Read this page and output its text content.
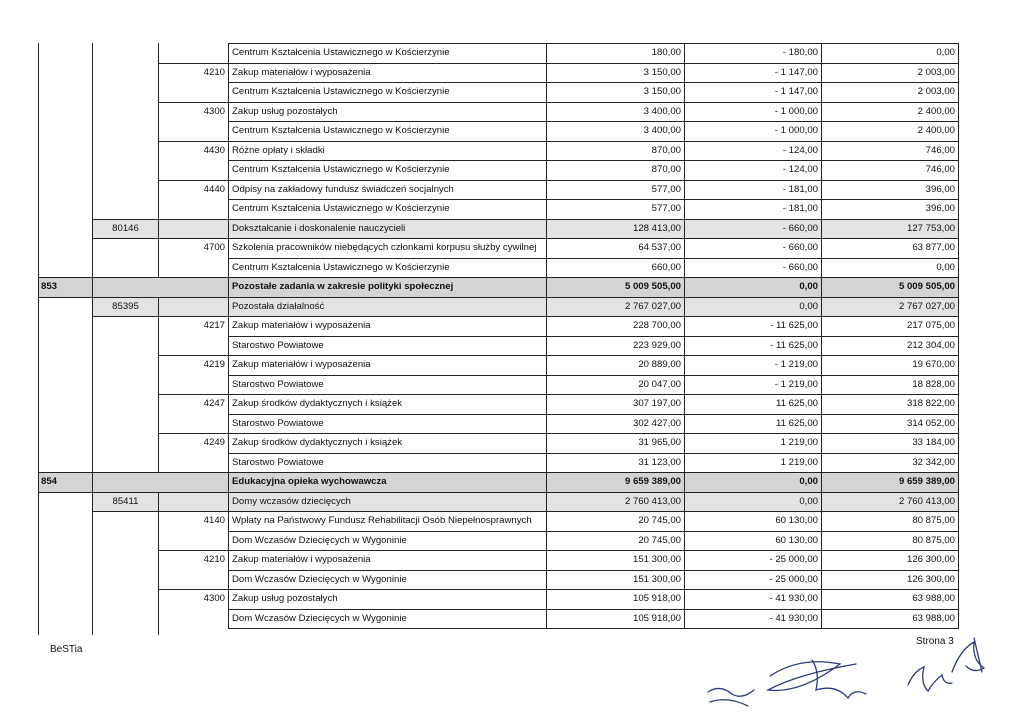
			Centrum Kształcenia Ustawicznego w Kościerzynie	180,00	- 180,00	0,00
		4210	Zakup materiałów i wyposażenia	3 150,00	- 1 147,00	2 003,00
			Centrum Kształcenia Ustawicznego w Kościerzynie	3 150,00	- 1 147,00	2 003,00
		4300	Zakup usług pozostałych	3 400,00	- 1 000,00	2 400,00
			Centrum Kształcenia Ustawicznego w Kościerzynie	3 400,00	- 1 000,00	2 400,00
		4430	Różne opłaty i składki	870,00	- 124,00	746,00
			Centrum Kształcenia Ustawicznego w Kościerzynie	870,00	- 124,00	746,00
		4440	Odpisy na zakładowy fundusz świadczeń socjalnych	577,00	- 181,00	396,00
			Centrum Kształcenia Ustawicznego w Kościerzynie	577,00	- 181,00	396,00
	80146		Dokształcanie i doskonalenie nauczycieli	128 413,00	- 660,00	127 753,00
		4700	Szkolenia pracowników niebędących członkami korpusu służby cywilnej	64 537,00	- 660,00	63 877,00
			Centrum Kształcenia Ustawicznego w Kościerzynie	660,00	- 660,00	0,00
853			Pozostałe zadania w zakresie polityki społecznej	5 009 505,00	0,00	5 009 505,00
	85395		Pozostała działalność	2 767 027,00	0,00	2 767 027,00
		4217	Zakup materiałów i wyposażenia	228 700,00	- 11 625,00	217 075,00
			Starostwo Powiatowe	223 929,00	- 11 625,00	212 304,00
		4219	Zakup materiałów i wyposażenia	20 889,00	- 1 219,00	19 670,00
			Starostwo Powiatowe	20 047,00	- 1 219,00	18 828,00
		4247	Zakup środków dydaktycznych i książek	307 197,00	11 625,00	318 822,00
			Starostwo Powiatowe	302 427,00	11 625,00	314 052,00
		4249	Zakup środków dydaktycznych i książek	31 965,00	1 219,00	33 184,00
			Starostwo Powiatowe	31 123,00	1 219,00	32 342,00
854			Edukacyjna opieka wychowawcza	9 659 389,00	0,00	9 659 389,00
	85411		Domy wczasów dziecięcych	2 760 413,00	0,00	2 760 413,00
		4140	Wpłaty na Państwowy Fundusz Rehabilitacji Osób Niepełnosprawnych	20 745,00	60 130,00	80 875,00
			Dom Wczasów Dziecięcych w Wygoninie	20 745,00	60 130,00	80 875,00
		4210	Zakup materiałów i wyposażenia	151 300,00	- 25 000,00	126 300,00
			Dom Wczasów Dziecięcych w Wygoninie	151 300,00	- 25 000,00	126 300,00
		4300	Zakup usług pozostałych	105 918,00	- 41 930,00	63 988,00
			Dom Wczasów Dziecięcych w Wygoninie	105 918,00	- 41 930,00	63 988,00
BeSTia
Strona 3
